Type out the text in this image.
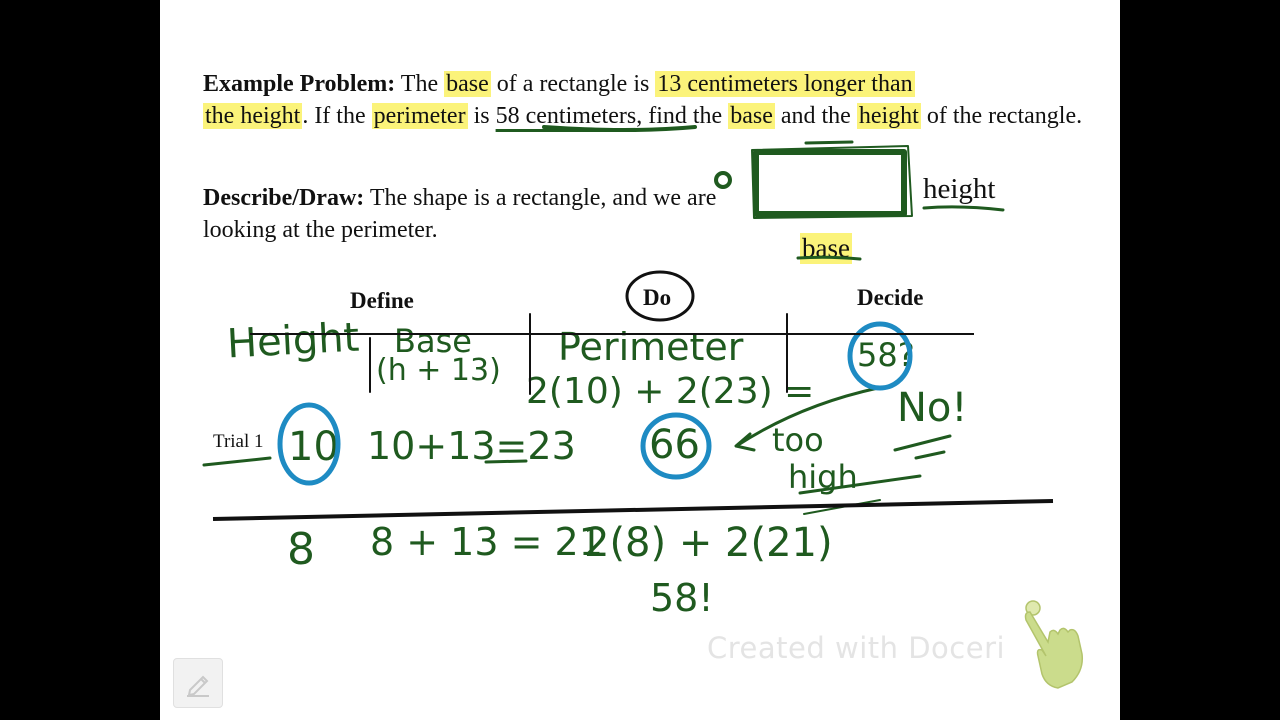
Example Problem: The base of a rectangle is 13 centimeters longer than
the height. If the perimeter is 58 centimeters, find the base and the height of the rectangle.
Describe/Draw: The shape is a rectangle, and we are looking at the perimeter.
height
base
Define	Do	Decide
Trial 1
Height Base
(h + 13)
Perimeter
2(10) + 2(23) =
58?
No!
10 10+13=23 66 too
high
8 8 + 13 = 21
2(8) + 2(21)
58!
Created with Doceri
